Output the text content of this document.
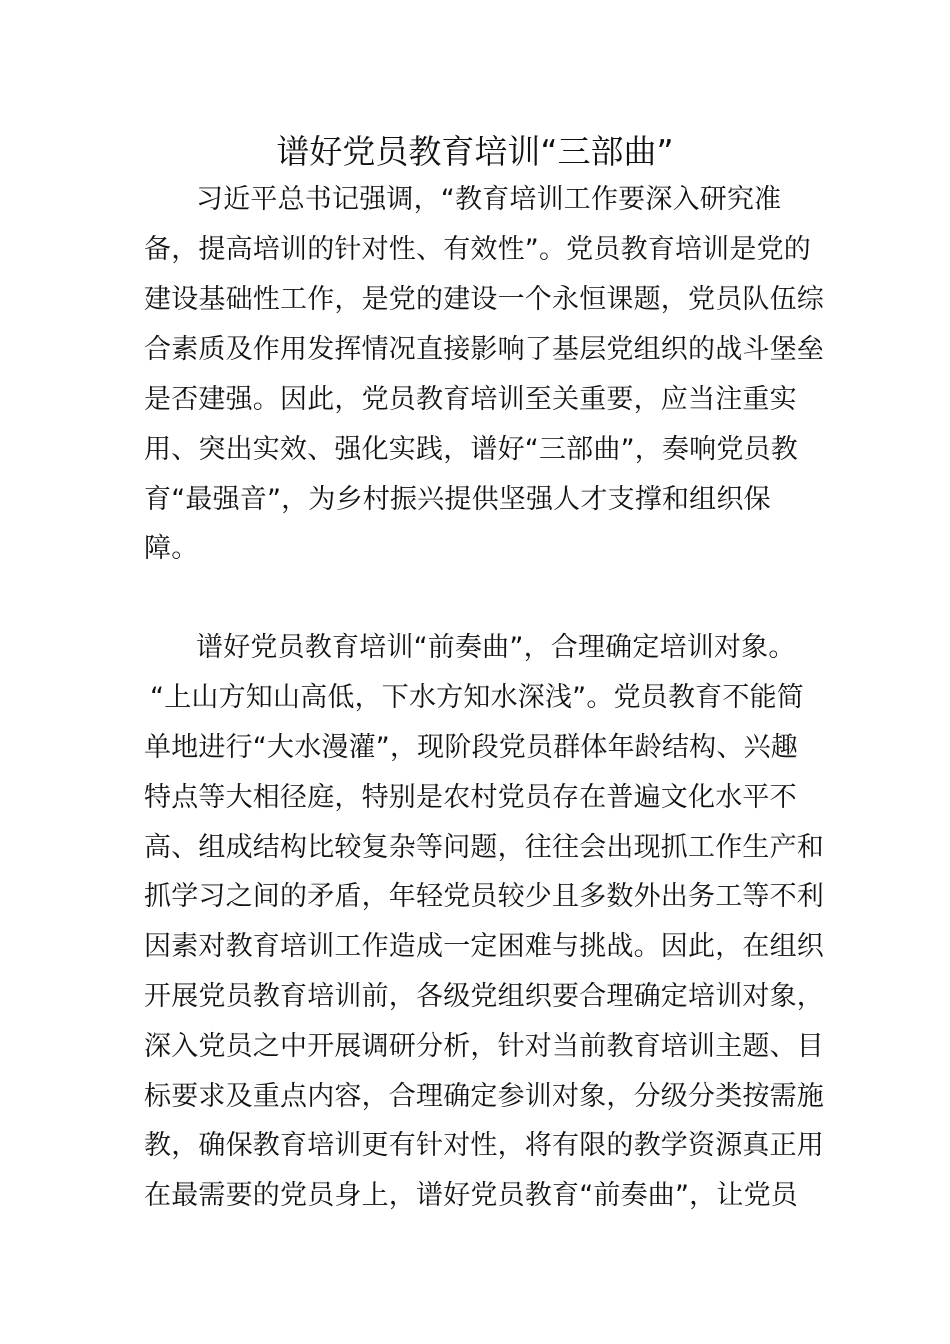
谱好党员教育培训“三部曲”
习近平总书记强调，“教育培训工作要深入研究准
备，提高培训的针对性、有效性”。党员教育培训是党的
建设基础性工作，是党的建设一个永恒课题，党员队伍综
合素质及作用发挥情况直接影响了基层党组织的战斗堡垒
是否建强。因此，党员教育培训至关重要，应当注重实
用、突出实效、强化实践，谱好“三部曲”，奏响党员教
育“最强音”，为乡村振兴提供坚强人才支撑和组织保
障。
谱好党员教育培训“前奏曲”，合理确定培训对象。
“上山方知山高低，下水方知水深浅”。党员教育不能简
单地进行“大水漫灌”，现阶段党员群体年龄结构、兴趣
特点等大相径庭，特别是农村党员存在普遍文化水平不
高、组成结构比较复杂等问题，往往会出现抓工作生产和
抓学习之间的矛盾，年轻党员较少且多数外出务工等不利
因素对教育培训工作造成一定困难与挑战。因此，在组织
开展党员教育培训前，各级党组织要合理确定培训对象，
深入党员之中开展调研分析，针对当前教育培训主题、目
标要求及重点内容，合理确定参训对象，分级分类按需施
教，确保教育培训更有针对性，将有限的教学资源真正用
在最需要的党员身上，谱好党员教育“前奏曲”，让党员
